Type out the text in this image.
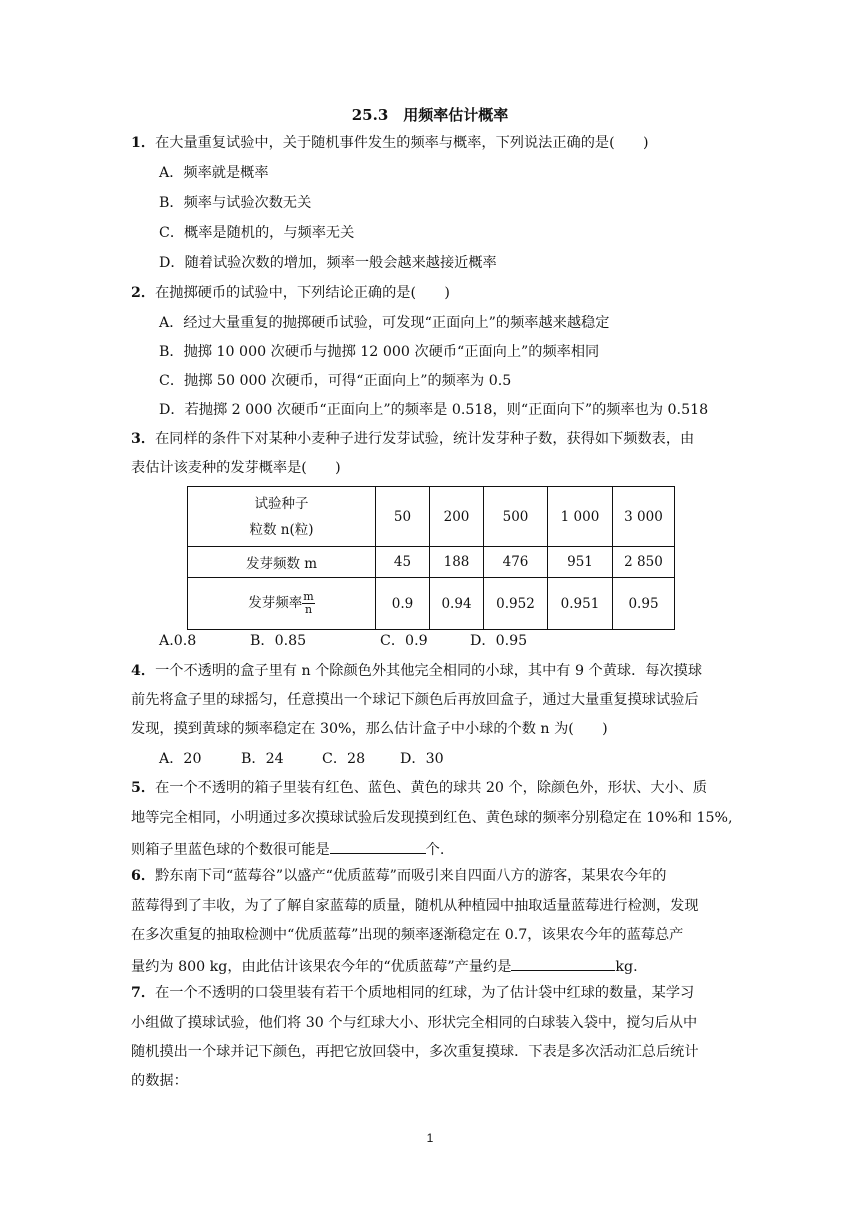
25.3　用频率估计概率
1．在大量重复试验中，关于随机事件发生的频率与概率，下列说法正确的是(　　)
A．频率就是概率
B．频率与试验次数无关
C．概率是随机的，与频率无关
D．随着试验次数的增加，频率一般会越来越接近概率
2．在抛掷硬币的试验中，下列结论正确的是(　　)
A．经过大量重复的抛掷硬币试验，可发现“正面向上”的频率越来越稳定
B．抛掷 10 000 次硬币与抛掷 12 000 次硬币“正面向上”的频率相同
C．抛掷 50 000 次硬币，可得“正面向上”的频率为 0.5
D．若抛掷 2 000 次硬币“正面向上”的频率是 0.518，则“正面向下”的频率也为 0.518
3．在同样的条件下对某种小麦种子进行发芽试验，统计发芽种子数，获得如下频数表，由
表估计该麦种的发芽概率是(　　)
试验种子
粒数 n(粒)	50	200	500	1 000	3 000
发芽频数 m	45	188	476	951	2 850
发芽频率 $\frac{m}{n}$	0.9	0.94	0.952	0.951	0.95
A.0.8	B．0.85	C．0.9	D．0.95
4．一个不透明的盒子里有 n 个除颜色外其他完全相同的小球，其中有 9 个黄球．每次摸球
前先将盒子里的球摇匀，任意摸出一个球记下颜色后再放回盒子，通过大量重复摸球试验后
发现，摸到黄球的频率稳定在 30%，那么估计盒子中小球的个数 n 为(　　)
A．20	B．24	C．28 D．30
5．在一个不透明的箱子里装有红色、蓝色、黄色的球共 20 个，除颜色外，形状、大小、质
地等完全相同，小明通过多次摸球试验后发现摸到红色、黄色球的频率分别稳定在 10%和 15%,
则箱子里蓝色球的个数很可能是	个.
6．黔东南下司“蓝莓谷”以盛产“优质蓝莓”而吸引来自四面八方的游客，某果农今年的
蓝莓得到了丰收，为了了解自家蓝莓的质量，随机从种植园中抽取适量蓝莓进行检测，发现
在多次重复的抽取检测中“优质蓝莓”出现的频率逐渐稳定在 0.7，该果农今年的蓝莓总产
量约为 800 kg，由此估计该果农今年的“优质蓝莓”产量约是	kg.
7．在一个不透明的口袋里装有若干个质地相同的红球，为了估计袋中红球的数量，某学习
小组做了摸球试验，他们将 30 个与红球大小、形状完全相同的白球装入袋中，搅匀后从中
随机摸出一个球并记下颜色，再把它放回袋中，多次重复摸球．下表是多次活动汇总后统计
的数据：
1
